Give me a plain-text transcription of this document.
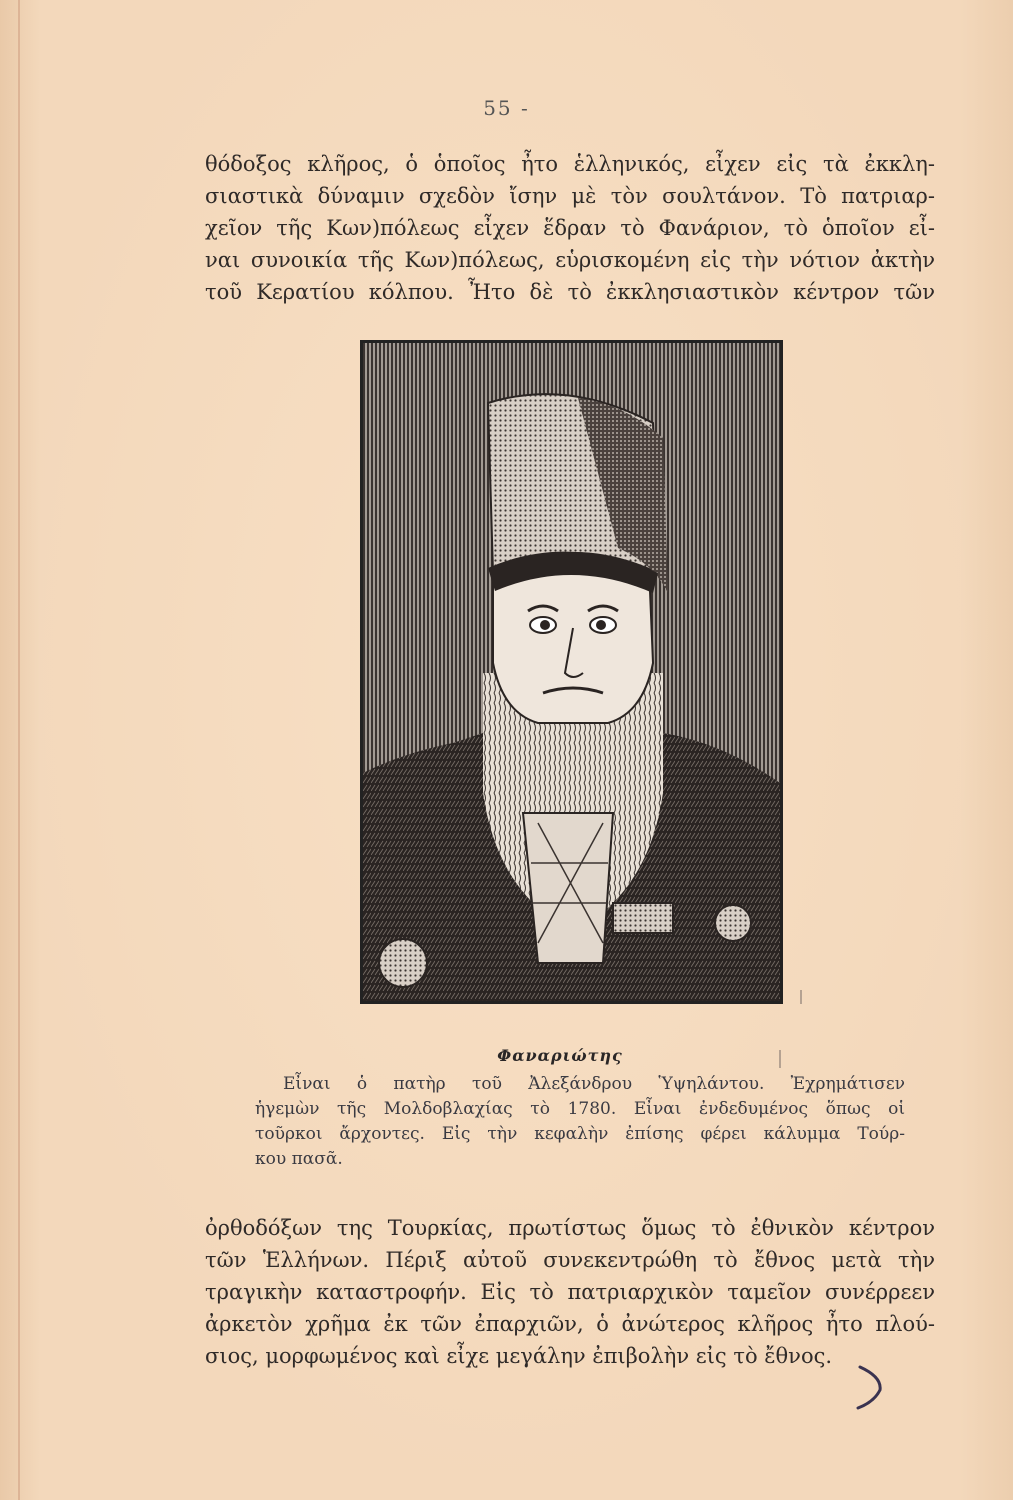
55 -
θόδοξος κλῆρος, ὁ ὁποῖος ἦτο ἑλληνικός, εἶχεν εἰς τὰ ἐκκλη-
σιαστικὰ δύναμιν σχεδὸν ἴσην μὲ τὸν σουλτάνον. Τὸ πατριαρ-
χεῖον τῆς Κων)πόλεως εἶχεν ἕδραν τὸ Φανάριον, τὸ ὁποῖον εἶ-
ναι συνοικία τῆς Κων)πόλεως, εὑρισκομένη εἰς τὴν νότιον ἀκτὴν
τοῦ Κερατίου κόλπου. Ἦτο δὲ τὸ ἐκκλησιαστικὸν κέντρον τῶν
Φαναριώτης
Εἶναι ὁ πατὴρ τοῦ Ἀλεξάνδρου Ὑψηλάντου. Ἐχρημάτισεν
ἡγεμὼν τῆς Μολδοβλαχίας τὸ 1780. Εἶναι ἐνδεδυμένος ὅπως οἱ
τοῦρκοι ἄρχοντες. Εἰς τὴν κεφαλὴν ἐπίσης φέρει κάλυμμα Τούρ-
κου πασᾶ.
ὀρθοδόξων της Τουρκίας, πρωτίστως ὅμως τὸ ἐθνικὸν κέντρον
τῶν Ἑλλήνων. Πέριξ αὐτοῦ συνεκεντρώθη τὸ ἔθνος μετὰ τὴν
τραγικὴν καταστροφήν. Εἰς τὸ πατριαρχικὸν ταμεῖον συνέρρεεν
ἀρκετὸν χρῆμα ἐκ τῶν ἐπαρχιῶν, ὁ ἀνώτερος κλῆρος ἦτο πλού-
σιος, μορφωμένος καὶ εἶχε μεγάλην ἐπιβολὴν εἰς τὸ ἔθνος.
